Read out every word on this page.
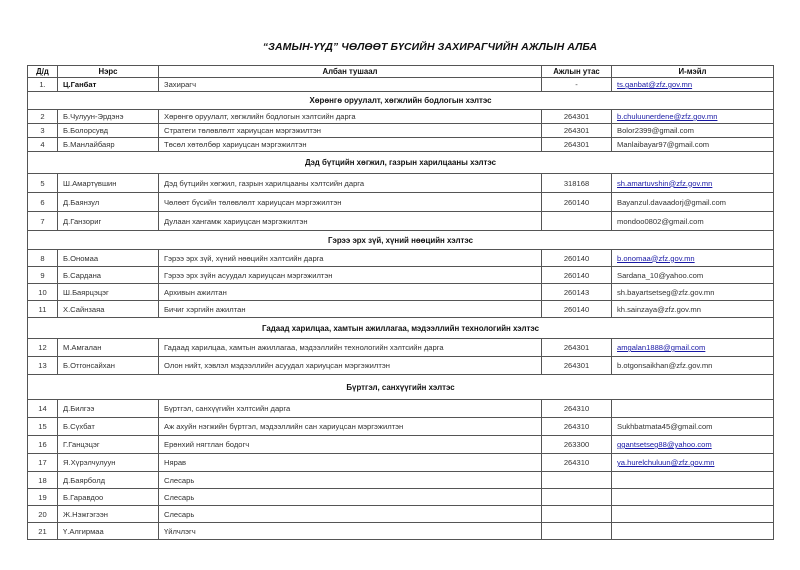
“ЗАМЫН-ҮҮД” ЧӨЛӨӨТ БҮСИЙН ЗАХИРАГЧИЙН АЖЛЫН АЛБА
Д/д	Нэрс	Албан тушаал	Ажлын утас	И-мэйл
1.	Ц.Ганбат	Захирагч	-	ts.ganbat@zfz.gov.mn
Хөрөнгө оруулалт, хөгжлийн бодлогын хэлтэс				
2	Б.Чулуун-Эрдэнэ	Хөрөнгө оруулалт, хөгжлийн бодлогын хэлтсийн дарга	264301	b.chuluunerdene@zfz.gov.mn
3	Б.Болорсувд	Стратеги төлөвлөлт хариуцсан мэргэжилтэн	264301	Bolor2399@gmail.com
4	Б.Манлайбаяр	Төсөл хөтөлбөр хариуцсан мэргэжилтэн	264301	Manlaibayar97@gmail.com
Дэд бүтцийн хөгжил, газрын харилцааны хэлтэс				
5	Ш.Амартүвшин	Дэд бүтцийн хөгжил, газрын харилцааны хэлтсийн дарга	318168	sh.amartuvshin@zfz.gov.mn
6	Д.Баянзул	Чөлөөт бүсийн төлөвлөлт хариуцсан мэргэжилтэн	260140	Bayanzul.davaadorj@gmail.com
7	Д.Ганзориг	Дулаан хангамж хариуцсан мэргэжилтэн		mondoo0802@gmail.com
Гэрээ эрх зүй, хүний нөөцийн хэлтэс				
8	Б.Ономаа	Гэрээ эрх зүй, хүний нөөцийн хэлтсийн дарга	260140	b.onomaa@zfz.gov.mn
9	Б.Сардана	Гэрээ эрх зүйн асуудал хариуцсан мэргэжилтэн	260140	Sardana_10@yahoo.com
10	Ш.Баярцэцэг	Архивын ажилтан	260143	sh.bayartsetseg@zfz.gov.mn
11	Х.Сайнзаяа	Бичиг хэргийн ажилтан	260140	kh.sainzaya@zfz.gov.mn
Гадаад харилцаа, хамтын ажиллагаа, мэдээллийн технологийн хэлтэс				
12	М.Амгалан	Гадаад харилцаа, хамтын ажиллагаа, мэдээллийн технологийн хэлтсийн дарга	264301	amgalan1888@gmail.com
13	Б.Отгонсайхан	Олон нийт, хэвлэл мэдээллийн асуудал хариуцсан мэргэжилтэн	264301	b.otgonsaikhan@zfz.gov.mn
Бүртгэл, санхүүгийн хэлтэс				
14	Д.Билгээ	Бүртгэл, санхүүгийн хэлтсийн дарга	264310	
15	Б.Сүхбат	Аж ахуйн нэгжийн бүртгэл, мэдээллийн сан хариуцсан мэргэжилтэн	264310	Sukhbatmata45@gmail.com
16	Г.Ганцэцэг	Ерөнхий нягтлан бодогч	263300	ggantsetseg88@yahoo.com
17	Я.Хүрэлчулуун	Нярав	264310	ya.hurelchuluun@zfz.gov.mn
18	Д.Баярболд	Слесарь		
19	Б.Гаравдоо	Слесарь		
20	Ж.Нэжгэгээн	Слесарь		
21	Ү.Алгирмаа	Үйлчлэгч		
